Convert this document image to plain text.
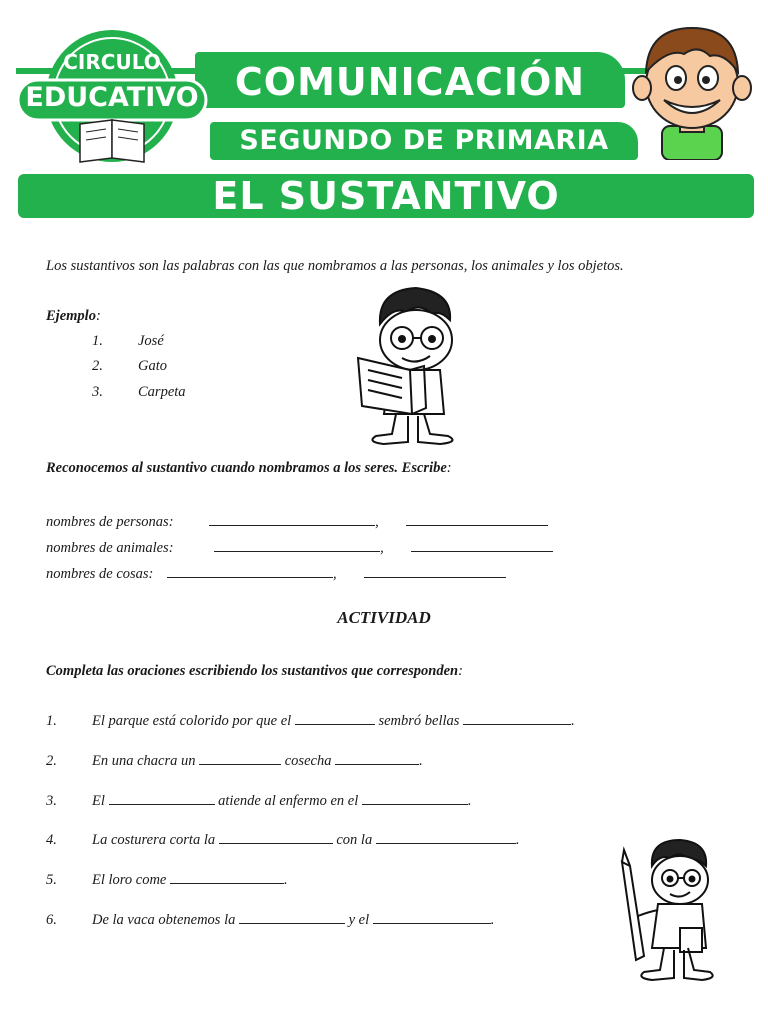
COMUNICACIÓN
SEGUNDO DE PRIMARIA
CIRCULO
EDUCATIVO
EL SUSTANTIVO
Los sustantivos son las palabras con las que nombramos a las personas, los animales y los objetos.
Ejemplo:
1. José
2. Gato
3. Carpeta
Reconocemos al sustantivo cuando nombramos a los seres. Escribe:
nombres de personas:	,
nombres de animales:	,
nombres de cosas:	,
ACTIVIDAD
Completa las oraciones escribiendo los sustantivos que corresponden:
1. El parque está colorido por que el	sembró bellas	.
2. En una chacra un	cosecha	.
3. El	atiende al enfermo en el	.
4. La costurera corta la	con la	.
5. El loro come	.
6. De la vaca obtenemos la	y el	.
